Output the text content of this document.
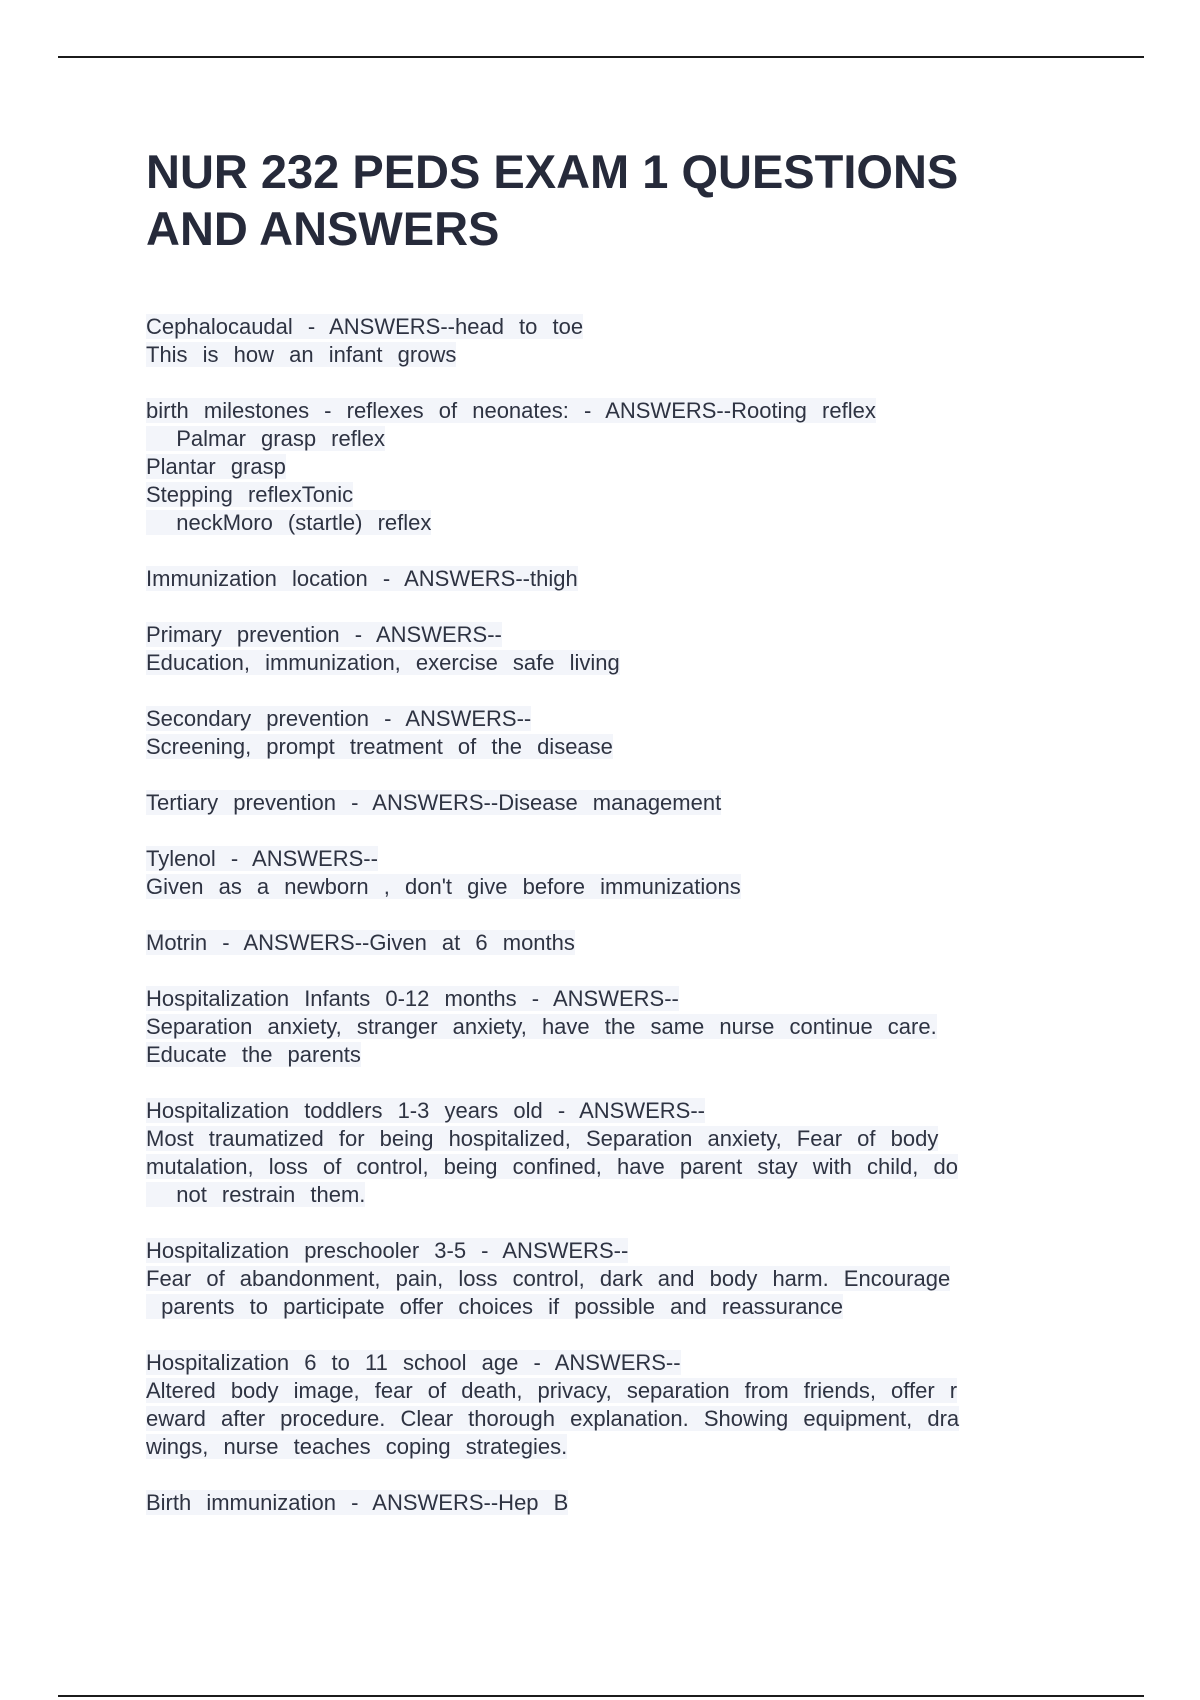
NUR 232 PEDS EXAM 1 QUESTIONS
AND ANSWERS
Cephalocaudal - ANSWERS--head to toe
This is how an infant grows
birth milestones - reflexes of neonates: - ANSWERS--Rooting reflex
Palmar grasp reflex
Plantar grasp
Stepping reflexTonic
neckMoro (startle) reflex
Immunization location - ANSWERS--thigh
Primary prevention - ANSWERS--
Education, immunization, exercise safe living
Secondary prevention - ANSWERS--
Screening, prompt treatment of the disease
Tertiary prevention - ANSWERS--Disease management
Tylenol - ANSWERS--
Given as a newborn , don't give before immunizations
Motrin - ANSWERS--Given at 6 months
Hospitalization Infants 0-12 months - ANSWERS--
Separation anxiety, stranger anxiety, have the same nurse continue care.
Educate the parents
Hospitalization toddlers 1-3 years old - ANSWERS--
Most traumatized for being hospitalized, Separation anxiety, Fear of body
mutalation, loss of control, being confined, have parent stay with child, do
not restrain them.
Hospitalization preschooler 3-5 - ANSWERS--
Fear of abandonment, pain, loss control, dark and body harm. Encourage
parents to participate offer choices if possible and reassurance
Hospitalization 6 to 11 school age - ANSWERS--
Altered body image, fear of death, privacy, separation from friends, offer r
eward after procedure. Clear thorough explanation. Showing equipment, dra
wings, nurse teaches coping strategies.
Birth immunization - ANSWERS--Hep B
